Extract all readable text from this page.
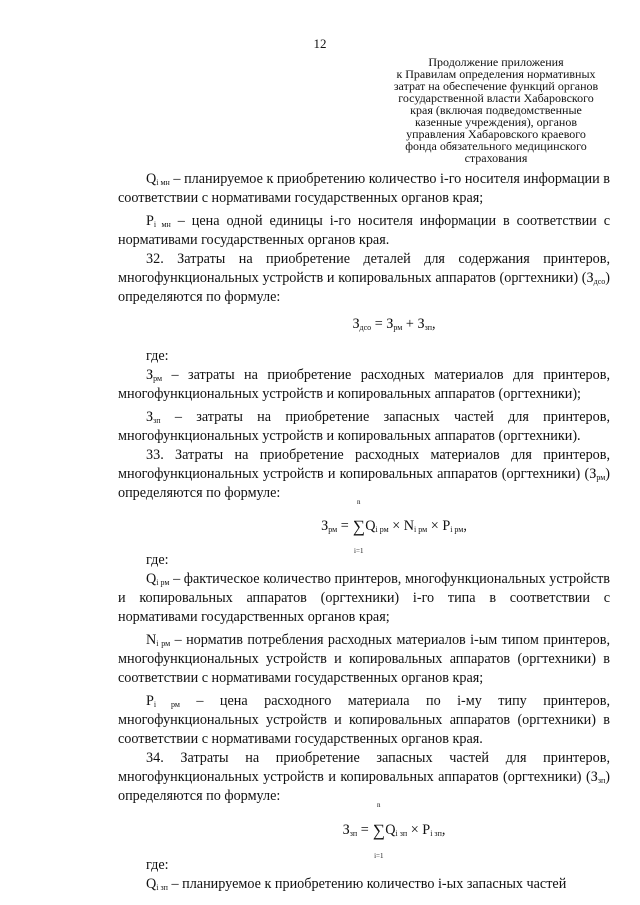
12
Продолжение приложения
к Правилам определения нормативных
затрат на обеспечение функций органов
государственной власти Хабаровского
края (включая подведомственные
казенные учреждения), органов
управления Хабаровского краевого
фонда обязательного медицинского
страхования

$Q_{i мн}$ – планируемое к приобретению количество i-го носителя информации в соответствии с нормативами государственных органов края;

$P_{i мн}$ – цена одной единицы i-го носителя информации в соответствии с нормативами государственных органов края.

32. Затраты на приобретение деталей для содержания принтеров, многофункциональных устройств и копировальных аппаратов (оргтехники) $(З_{дсо})$ определяются по формуле:

$З_{дсо} = З_{рм} + З_{зп}$,

где:

$З_{рм}$ – затраты на приобретение расходных материалов для принтеров, многофункциональных устройств и копировальных аппаратов (оргтехники);

$З_{зп}$ – затраты на приобретение запасных частей для принтеров, многофункциональных устройств и копировальных аппаратов (оргтехники).

33. Затраты на приобретение расходных материалов для принтеров, многофункциональных устройств и копировальных аппаратов (оргтехники) $(З_{рм})$ определяются по формуле:

$З_{рм}$ = ∑
n
i=1
$Q_{i рм} \times N_{i рм} \times P_{i рм}$,

где:

$Q_{i рм}$ – фактическое количество принтеров, многофункциональных устройств и копировальных аппаратов (оргтехники) i-го типа в соответствии с нормативами государственных органов края;

$N_{i рм}$ – норматив потребления расходных материалов i-ым типом принтеров, многофункциональных устройств и копировальных аппаратов (оргтехники) в соответствии с нормативами государственных органов края;

$P_{i рм}$ – цена расходного материала по i-му типу принтеров, многофункциональных устройств и копировальных аппаратов (оргтехники) в соответствии с нормативами государственных органов края.

34. Затраты на приобретение запасных частей для принтеров, многофункциональных устройств и копировальных аппаратов (оргтехники) $(З_{зп})$ определяются по формуле:

$З_{зп}$ = ∑
n
i=1
$Q_{i зп} \times P_{i зп}$,

где:

$Q_{i зп}$ – планируемое к приобретению количество i-ых запасных частей
